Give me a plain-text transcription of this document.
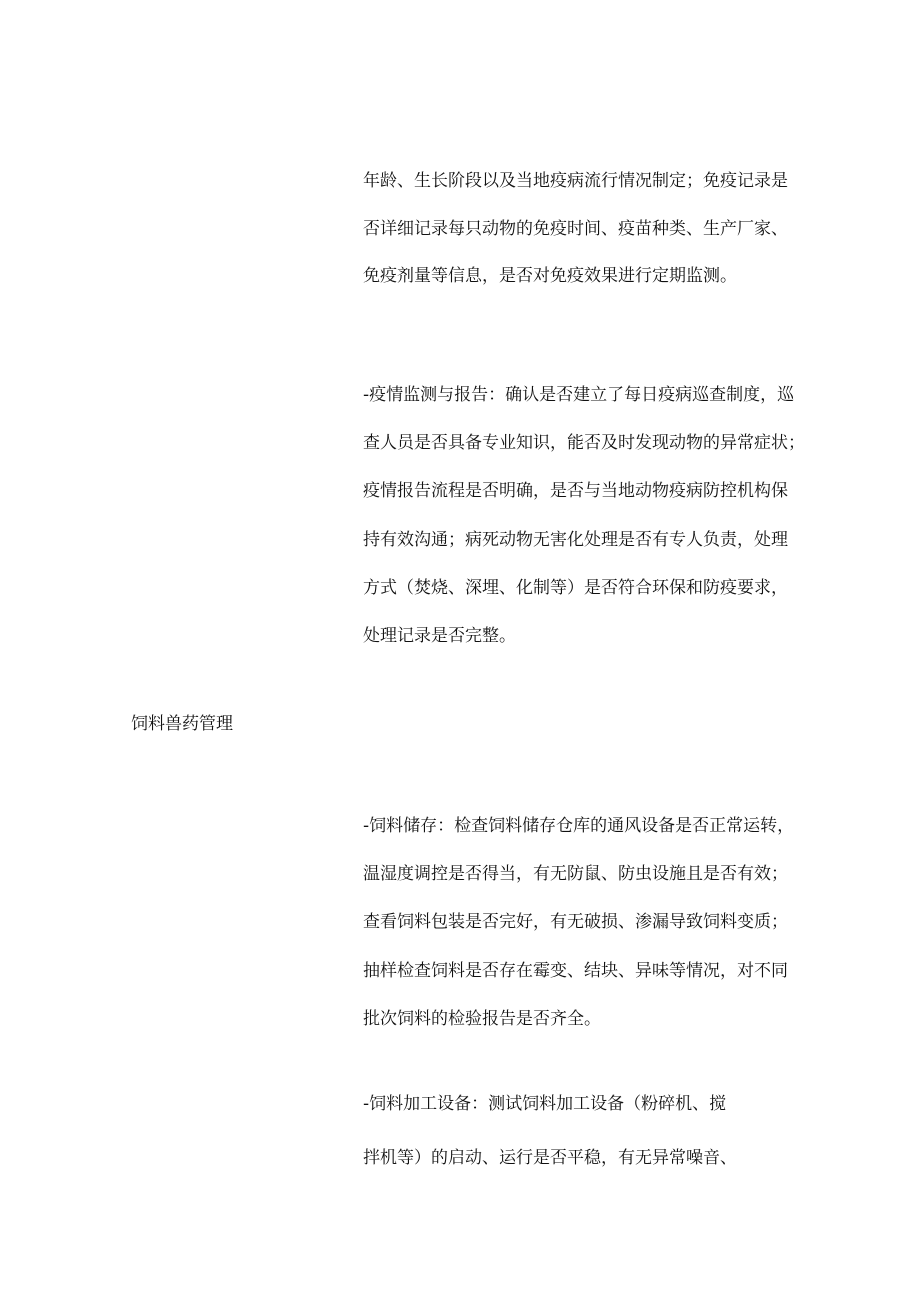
年龄、生长阶段以及当地疫病流行情况制定；免疫记录是
否详细记录每只动物的免疫时间、疫苗种类、生产厂家、
免疫剂量等信息，是否对免疫效果进行定期监测。
-疫情监测与报告：确认是否建立了每日疫病巡查制度，巡
查人员是否具备专业知识，能否及时发现动物的异常症状；
疫情报告流程是否明确，是否与当地动物疫病防控机构保
持有效沟通；病死动物无害化处理是否有专人负责，处理
方式（焚烧、深埋、化制等）是否符合环保和防疫要求，
处理记录是否完整。
饲料兽药管理
-饲料储存：检查饲料储存仓库的通风设备是否正常运转，
温湿度调控是否得当，有无防鼠、防虫设施且是否有效；
查看饲料包装是否完好，有无破损、渗漏导致饲料变质；
抽样检查饲料是否存在霉变、结块、异味等情况，对不同
批次饲料的检验报告是否齐全。
-饲料加工设备：测试饲料加工设备（粉碎机、搅
拌机等）的启动、运行是否平稳，有无异常噪音、
